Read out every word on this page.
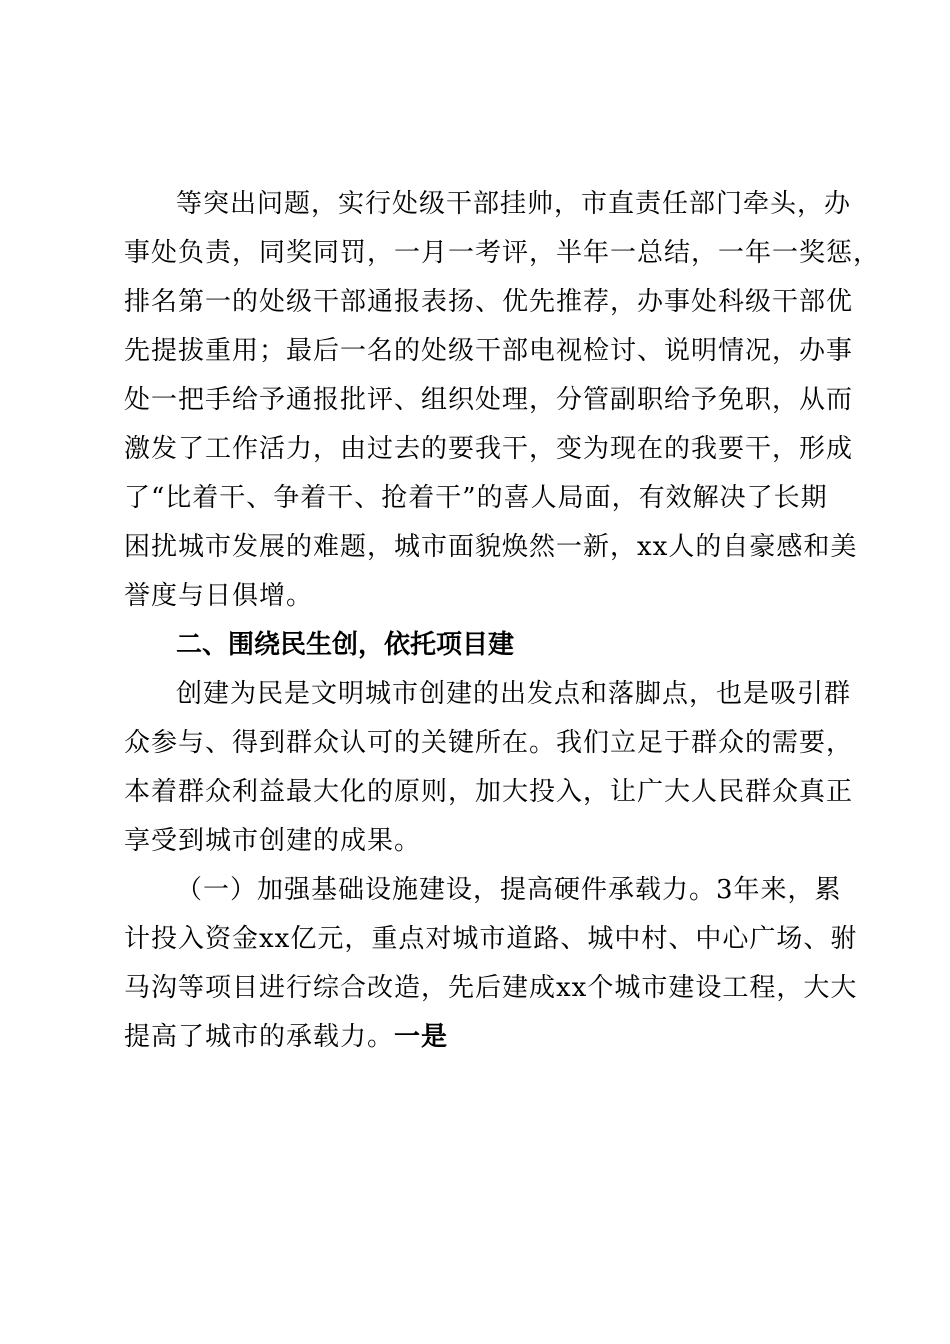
等突出问题，实行处级干部挂帅，市直责任部门牵头，办
事处负责，同奖同罚，一月一考评，半年一总结，一年一奖惩，
排名第一的处级干部通报表扬、优先推荐，办事处科级干部优
先提拔重用；最后一名的处级干部电视检讨、说明情况，办事
处一把手给予通报批评、组织处理，分管副职给予免职，从而
激发了工作活力，由过去的要我干，变为现在的我要干，形成
了“比着干、争着干、抢着干”的喜人局面，有效解决了长期
困扰城市发展的难题，城市面貌焕然一新，xx人的自豪感和美
誉度与日俱增。
二、围绕民生创，依托项目建
创建为民是文明城市创建的出发点和落脚点，也是吸引群
众参与、得到群众认可的关键所在。我们立足于群众的需要，
本着群众利益最大化的原则，加大投入，让广大人民群众真正
享受到城市创建的成果。
（一）加强基础设施建设，提高硬件承载力。3年来，累
计投入资金xx亿元，重点对城市道路、城中村、中心广场、驸
马沟等项目进行综合改造，先后建成xx个城市建设工程，大大
提高了城市的承载力。一是
